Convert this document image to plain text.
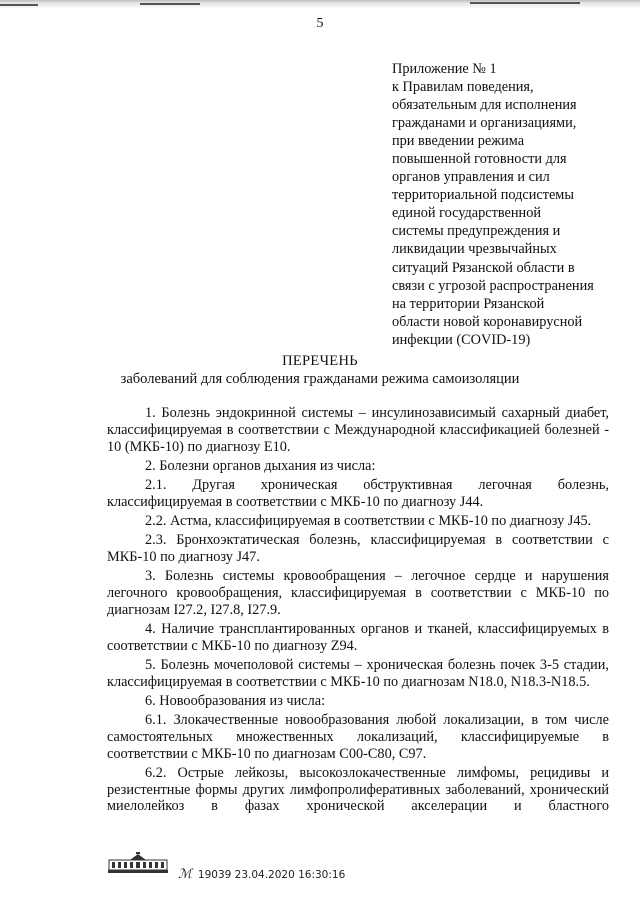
5
Приложение № 1
к Правилам поведения,
обязательным для исполнения
гражданами и организациями,
при введении режима
повышенной готовности для
органов управления и сил
территориальной подсистемы
единой государственной
системы предупреждения и
ликвидации чрезвычайных
ситуаций Рязанской области в
связи с угрозой распространения
на территории Рязанской
области новой коронавирусной
инфекции (COVID-19)
ПЕРЕЧЕНЬ
заболеваний для соблюдения гражданами режима самоизоляции

1. Болезнь эндокринной системы – инсулинозависимый сахарный диабет, классифицируемая в соответствии с Международной классификацией болезней - 10 (МКБ-10) по диагнозу E10.

2. Болезни органов дыхания из числа:

2.1. Другая хроническая обструктивная легочная болезнь, классифицируемая в соответствии с МКБ-10 по диагнозу J44.

2.2. Астма, классифицируемая в соответствии с МКБ-10 по диагнозу J45.

2.3. Бронхоэктатическая болезнь, классифицируемая в соответствии с МКБ-10 по диагнозу J47.

3. Болезнь системы кровообращения – легочное сердце и нарушения легочного кровообращения, классифицируемая в соответствии с МКБ-10 по диагнозам I27.2, I27.8, I27.9.

4. Наличие трансплантированных органов и тканей, классифицируемых в соответствии с МКБ-10 по диагнозу Z94.

5. Болезнь мочеполовой системы – хроническая болезнь почек 3-5 стадии, классифицируемая в соответствии с МКБ-10 по диагнозам N18.0, N18.3-N18.5.

6. Новообразования из числа:

6.1. Злокачественные новообразования любой локализации, в том числе самостоятельных множественных локализаций, классифицируемые в соответствии с МКБ-10 по диагнозам C00-C80, C97.

6.2. Острые лейкозы, высокозлокачественные лимфомы, рецидивы и резистентные формы других лимфопролиферативных заболеваний, хронический миелолейкоз в фазах хронической акселерации и бластного

ℳ 19039 23.04.2020 16:30:16
